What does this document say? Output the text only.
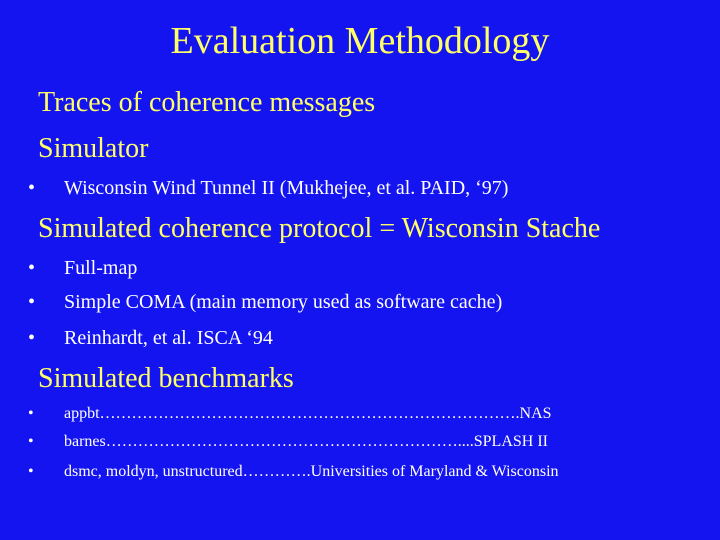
Evaluation Methodology
Traces of coherence messages
Simulator
• Wisconsin Wind Tunnel II (Mukhejee, et al. PAID, ‘97)
Simulated coherence protocol = Wisconsin Stache
• Full-map
• Simple COMA (main memory used as software cache)
• Reinhardt, et al. ISCA ‘94
Simulated benchmarks
• appbt…………………………………………………………………….NAS
• barnes…………………………………………………………....SPLASH II
• dsmc, moldyn, unstructured………….Universities of Maryland & Wisconsin
